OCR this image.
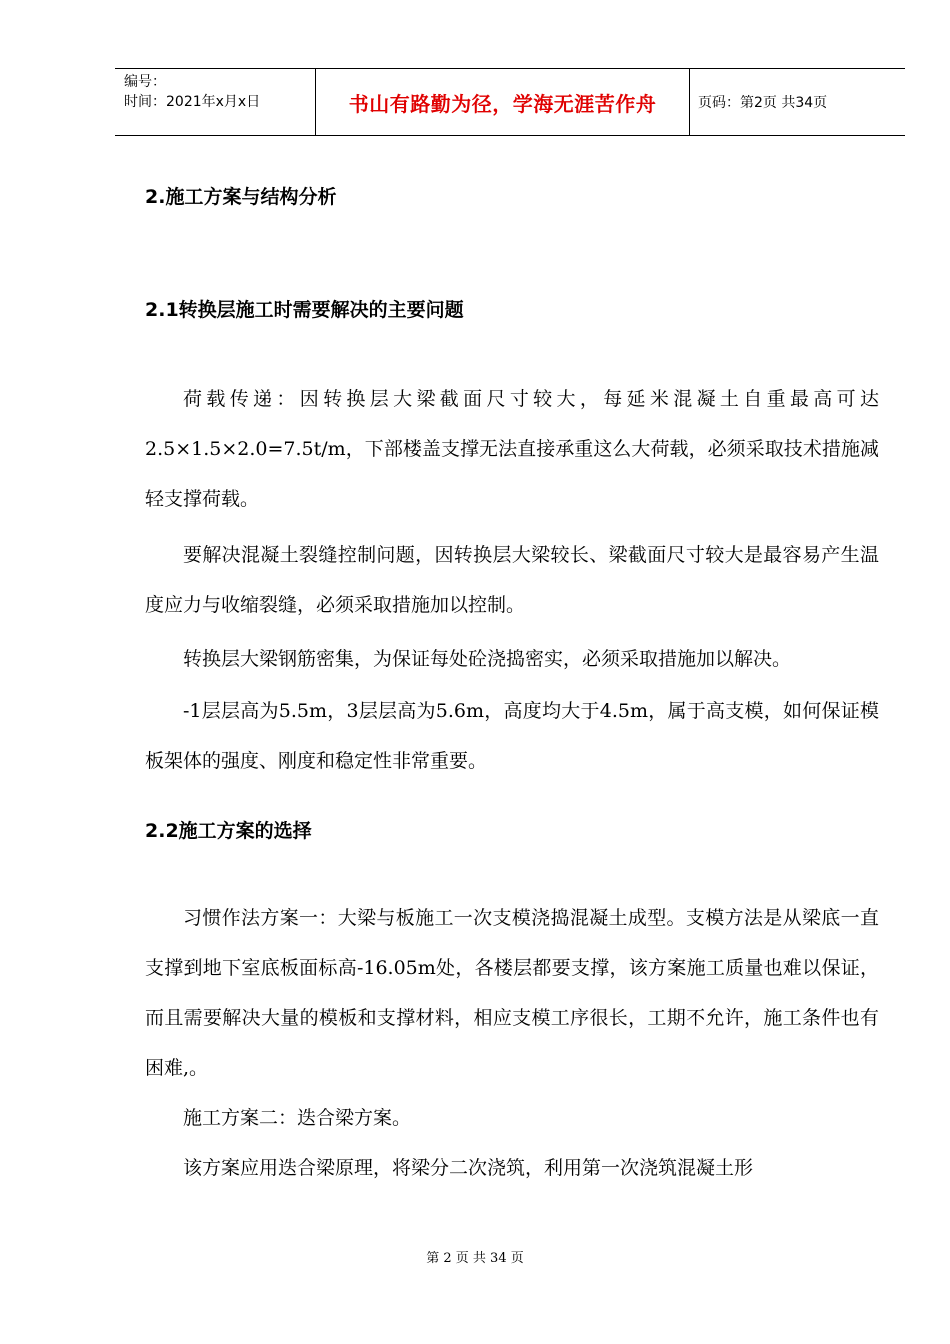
编号：
时间：2021年x月x日	书山有路勤为径，学海无涯苦作舟	页码：第2页 共34页

2.施工方案与结构分析

2.1转换层施工时需要解决的主要问题

荷载传递：因转换层大梁截面尺寸较大，每延米混凝土自重最高可达2.5×1.5×2.0=7.5t/m，下部楼盖支撑无法直接承重这么大荷载，必须采取技术措施减轻支撑荷载。

要解决混凝土裂缝控制问题，因转换层大梁较长、梁截面尺寸较大是最容易产生温度应力与收缩裂缝，必须采取措施加以控制。

转换层大梁钢筋密集，为保证每处砼浇捣密实，必须采取措施加以解决。

-1层层高为5.5m，3层层高为5.6m，高度均大于4.5m，属于高支模，如何保证模板架体的强度、刚度和稳定性非常重要。

2.2施工方案的选择

习惯作法方案一：大梁与板施工一次支模浇捣混凝土成型。支模方法是从梁底一直支撑到地下室底板面标高-16.05m处，各楼层都要支撑，该方案施工质量也难以保证，而且需要解决大量的模板和支撑材料，相应支模工序很长，工期不允许，施工条件也有困难,。

施工方案二：迭合梁方案。

该方案应用迭合梁原理，将梁分二次浇筑，利用第一次浇筑混凝土形

第 2 页 共 34 页
